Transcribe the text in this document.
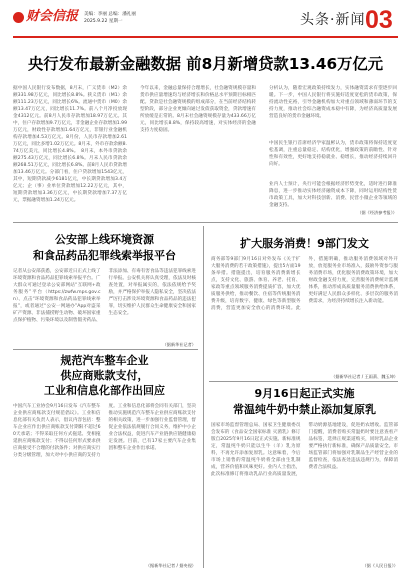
财会信报 美编：李丽 总编：潘礼丽
2025.9.22 星期一	头条·新闻 03
央行发布最新金融数据 前8月新增贷款13.46万亿元
据中国人民银行发布数据，8月末，广义货币（M2）余额331.98万亿元，同比增长8.8%。狭义货币（M1）余额111.23万亿元，同比增长6%。流通中货币（M0）余额13.47万亿元，同比增长11.7%。前八个月净投放现金4312亿元。前8月人民币存款增加18.97万亿元。其中，住户存款增加9.7万亿元，非金融企业存款增加1.99万亿元，财政性存款增加1.64万亿元，非银行业金融机构存款增加4.53万亿元。8月份，人民币存款增加2.61万亿元，同比多增1.02万亿元。8月末，外币存款余额8.74万亿美元，同比增长4.8%。　8月末，本外币贷款余额275.43万亿元，同比增长6.8%。月末人民币贷款余额268.51万亿元，同比增长6.8%。前8月人民币贷款增加13.46万亿元。分部门看，住户贷款增加1543亿元，其中，短期贷款减少6181亿元，中长期贷款增加3.4万亿元；企（事）业单位贷款增加12.22万亿元，其中，短期贷款增加3.36万亿元，中长期贷款增加7.37万亿元，票据融资增加1.24万亿元。
今年以来，金融总量保持合理增长，社会融资规模存量和货币供应量增速均与经济增长和价格总水平预期目标相匹配。贷款是社会融资规模的组成部分，在当前经济结构转型阶段，部分企业更倾向通过发债获取资金，贷款增速有所放缓是正常的。8月末社会融资规模存量为433.66万亿元，同比增长8.8%，保持较高增速，对实体经济的金融支持力度稳固。
分析认为，随着宏观政策持续发力，实体融资需求有望逐步回暖。下一步，中国人民银行将实施好适度宽松的货币政策，保持流动性充裕，引导金融机构加大对重点领域和薄弱环节的支持力度，推动社会综合融资成本稳中有降，为经济高质量发展营造良好的货币金融环境。
中国民生银行首席经济学家温彬认为，货币政策将保持适度宽松基调，注重总量稳定、结构优化，增强政策的前瞻性、针对性和有效性，更好地支持稳就业、稳增长，推动经济持续回升向好。
业内人士预计，央行可能会根据经济形势变化，适时进行降准降息，进一步推动实体经济融资成本下降，同时运用结构性货币政策工具，加大对科技创新、消费、民营小微企业等领域的金融支持。
（据《经济参考报》）
公安部上线环境资源
和食品药品犯罪线索举报平台
记者从公安部获悉，公安部近日正式上线了环境资源和食品药品犯罪线索举报平台。广大群众可通过登录公安部网站“互联网+政务服务”平台（https://zwfw.mps.gov.cn）、点击“环境资源和食品药品犯罪线索举报”，或者通过“公安一网通办”App对盗采矿产资源、非法捕捞野生动物、破坏国家重点保护植物、污染环境以及制售假劣药品、非法添加、有毒有害食品等违法犯罪线索进行举报。公安机关将认真受理，依法及时核查处置，对举报属实的，依法依规给予奖励，并严格保护举报人隐私安全，坚决依法严厉打击涉及环境资源和食品药品的违法犯罪，切实维护人民群众生命健康安全和国家生态安全。
（据新华社记者）
规范汽车整车企业
供应商账款支付，
工业和信息化部作出回应
中国汽车工业协会9月16日发布《汽车整车企业供应商账款支付规范倡议》。工业和信息化部有关负责人表示，倡议内容包括：整车企业应作出供应商账款支付期限不超过60天承诺；不得采取任何方式拖延、变相拖延供应商账款支付；不得以任何形式要求供应商接受不合理的付款条件；对供应商实行分类分级管理，加大对中小供应商的支持力度。工业和信息化部将会同有关部门，坚决推动实施规范汽车整车企业供应商账款支付的相关政策，进一步加强行业监督管理，督促企业依法依规履行合同义务，维护中小企业合法权益，促进汽车产业链供应链健康稳定发展。目前，已有17家主要汽车企业集团和整车企业作出承诺。
（据新华社记者 / 据央视）
扩大服务消费！9部门发文
商务部等9部门9月16日对外发布《关于扩大服务消费的若干政策措施》，提出5方面19条举措。措施提出，培育服务消费新增长点，支持文化、旅游、体育、养老、托育、家政等重点领域服务消费提质扩容，加大优质服务供给，推动餐饮、住宿等传统服务消费升级，培育数字、健康、绿色等新型服务消费，营造更加安全放心的消费环境。此外，措施明确，推动服务消费领域对外开放，放宽服务业市场准入，鼓励外资参与服务消费市场，优化服务消费政策环境，加大财政金融支持力度，完善服务消费统计监测体系，推动形成高质量服务消费供给体系，更好满足人民群众多样化、多层次的服务消费需求，为经济持续增长注入新动能。
（据新华社记者 / 王雨萧、魏玉坤）
9月16日起正式实施
常温纯牛奶中禁止添加复原乳
国家市场监督管理总局、国家卫生健康委员会发布的《食品安全国家标准 灭菌乳》修订版自2025年9月16日起正式实施。新标准规定，常温纯牛奶只能以生牛（羊）乳为原料，不再允许添加复原乳。这意味着，今后市场上销售的常温纯牛奶将全部由生乳制成，营养价值和风味更好。业内人士指出，此次标准修订将推动乳品行业高质量发展，带动奶源基地建设，促进奶农增收。监管部门提醒，消费者购买常温奶时要注意查看产品标签，选择正规渠道购买，同时乳品企业要严格执行新标准，确保产品质量安全。市场监管部门将加强对乳制品生产经营企业的监督检查，依法查处违法违规行为，保障消费者合法权益。
（据《人民日报》）
